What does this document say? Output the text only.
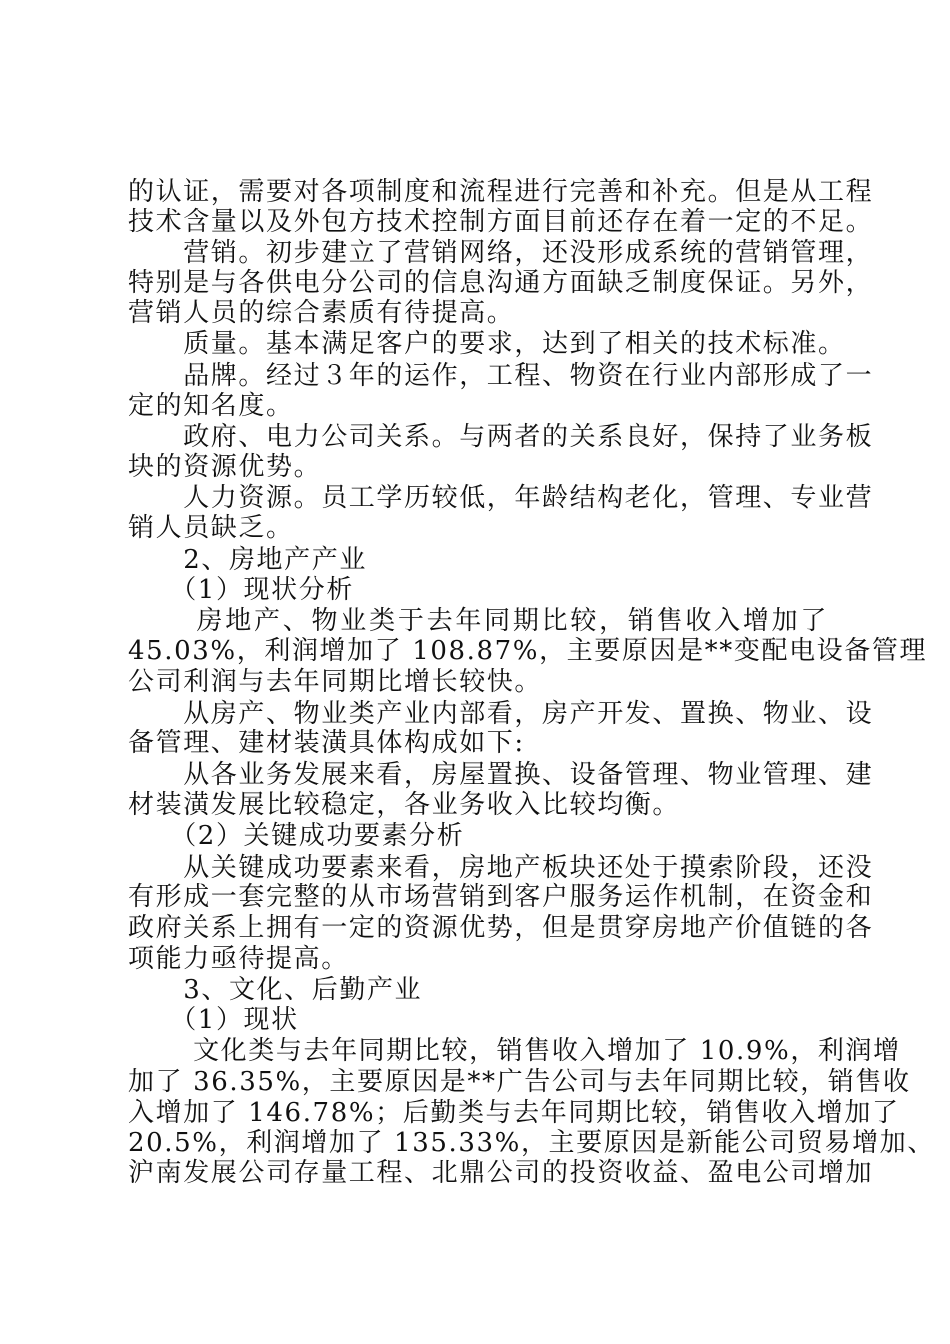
的认证，需要对各项制度和流程进行完善和补充。但是从工程
技术含量以及外包方技术控制方面目前还存在着一定的不足。
　　营销。初步建立了营销网络，还没形成系统的营销管理，
特别是与各供电分公司的信息沟通方面缺乏制度保证。另外，
营销人员的综合素质有待提高。
　　质量。基本满足客户的要求，达到了相关的技术标准。
　　品牌。经过３年的运作，工程、物资在行业内部形成了一
定的知名度。
　　政府、电力公司关系。与两者的关系良好，保持了业务板
块的资源优势。
　　人力资源。员工学历较低，年龄结构老化，管理、专业营
销人员缺乏。
　　2、房地产产业
　　（1）现状分析
　　 房地产、物业类于去年同期比较，销售收入增加了
45.03%，利润增加了 108.87%，主要原因是**变配电设备管理
公司利润与去年同期比增长较快。
　　从房产、物业类产业内部看，房产开发、置换、物业、设
备管理、建材装潢具体构成如下:
　　从各业务发展来看，房屋置换、设备管理、物业管理、建
材装潢发展比较稳定，各业务收入比较均衡。
　　（2）关键成功要素分析
　　从关键成功要素来看，房地产板块还处于摸索阶段，还没
有形成一套完整的从市场营销到客户服务运作机制，在资金和
政府关系上拥有一定的资源优势，但是贯穿房地产价值链的各
项能力亟待提高。
　　3、文化、后勤产业
　　（1）现状
　　 文化类与去年同期比较，销售收入增加了 10.9%，利润增
加了 36.35%，主要原因是**广告公司与去年同期比较，销售收
入增加了 146.78%；后勤类与去年同期比较，销售收入增加了
20.5%，利润增加了 135.33%，主要原因是新能公司贸易增加、
沪南发展公司存量工程、北鼎公司的投资收益、盈电公司增加
